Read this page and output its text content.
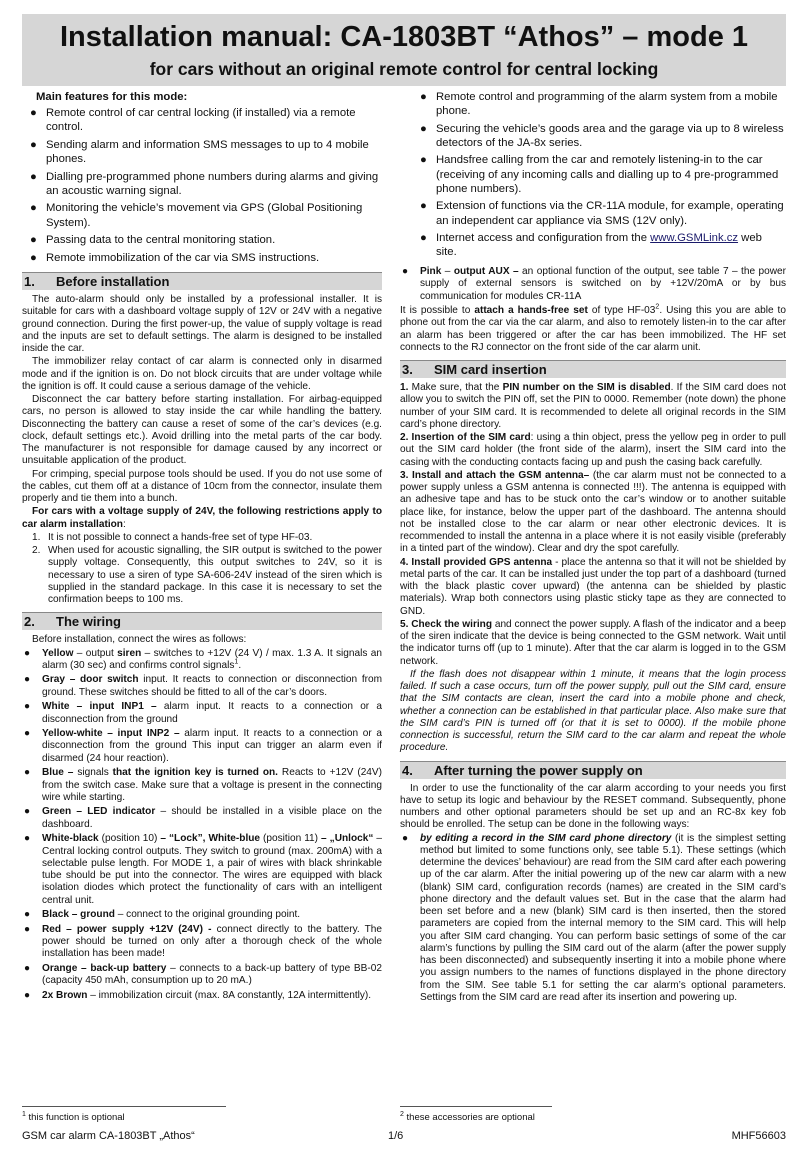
Installation manual: CA-1803BT “Athos” – mode 1
for cars without an original remote control for central locking
Main features for this mode:
● Remote control of car central locking (if installed) via a remote control.
● Sending alarm and information SMS messages to up to 4 mobile phones.
● Dialling pre-programmed phone numbers during alarms and giving an acoustic warning signal.
● Monitoring the vehicle’s movement via GPS (Global Positioning System).
● Passing data to the central monitoring station.
● Remote immobilization of the car via SMS instructions.
● Remote control and programming of the alarm system from a mobile phone.
● Securing the vehicle’s goods area and the garage via up to 8 wireless detectors of the JA-8x series.
● Handsfree calling from the car and remotely listening-in to the car (receiving of any incoming calls and dialling up to 4 pre-programmed phone numbers).
● Extension of functions via the CR-11A module, for example, operating an independent car appliance via SMS (12V only).
● Internet access and configuration from the www.GSMLink.cz web site.
1. Before installation

The auto-alarm should only be installed by a professional installer. It is suitable for cars with a dashboard voltage supply of 12V or 24V with a negative ground connection. During the first power-up, the value of supply voltage is read and the inputs are set to default settings. The alarm is designed to be installed inside the car.

The immobilizer relay contact of car alarm is connected only in disarmed mode and if the ignition is on. Do not block circuits that are under voltage while the ignition is off. It could cause a serious damage of the vehicle.

Disconnect the car battery before starting installation. For airbag-equipped cars, no person is allowed to stay inside the car while handling the battery. Disconnecting the battery can cause a reset of some of the car’s devices (e.g. clock, default settings etc.). Avoid drilling into the metal parts of the car body. The manufacturer is not responsible for damage caused by any incorrect or unsuitable application of the product.

For crimping, special purpose tools should be used. If you do not use some of the cables, cut them off at a distance of 10cm from the connector, insulate them properly and tie them into a bunch.

For cars with a voltage supply of 24V, the following restrictions apply to car alarm installation:

1. It is not possible to connect a hands-free set of type HF-03.
2. When used for acoustic signalling, the SIR output is switched to the power supply voltage. Consequently, this output switches to 24V, so it is necessary to use a siren of type SA-606-24V instead of the siren which is supplied in the standard package. In this case it is necessary to set the confirmation beeps to 100 ms.
2. The wiring

Before installation, connect the wires as follows:

● Yellow – output siren – switches to +12V (24 V) / max. 1.3 A. It signals an alarm (30 sec) and confirms control signals$^1$.
● Gray – door switch input. It reacts to connection or disconnection from ground. These switches should be fitted to all of the car’s doors.
● White – input INP1 – alarm input. It reacts to a connection or a disconnection from the ground
● Yellow-white – input INP2 – alarm input. It reacts to a connection or a disconnection from the ground This input can trigger an alarm even if disarmed (24 hour reaction).
● Blue – signals that the ignition key is turned on. Reacts to +12V (24V) from the switch case. Make sure that a voltage is present in the connecting wire while starting.
● Green – LED indicator – should be installed in a visible place on the dashboard.
● White-black (position 10) – “Lock”, White-blue (position 11) – „Unlock“ – Central locking control outputs. They switch to ground (max. 200mA) with a selectable pulse length. For MODE 1, a pair of wires with black shrinkable tube should be put into the connector. The wires are equipped with black isolation diodes which protect the functionality of cars with an intelligent central unit.
● Black – ground – connect to the original grounding point.
● Red – power supply +12V (24V) - connect directly to the battery. The power should be turned on only after a thorough check of the whole installation has been made!
● Orange – back-up battery – connects to a back-up battery of type BB-02 (capacity 450 mAh, consumption up to 20 mA.)
● 2x Brown – immobilization circuit (max. 8A constantly, 12A intermittently).
● Pink – output AUX – an optional function of the output, see table 7 – the power supply of external sensors is switched on by +12V/20mA or by bus communication for modules CR-11A

It is possible to attach a hands-free set of type $HF-03^2$. Using this you are able to phone out from the car via the car alarm, and also to remotely listen-in to the car after an alarm has been triggered or after the car has been immobilized. The HF set connects to the RJ connector on the front side of the car alarm unit.

3. SIM card insertion

1. Make sure, that the PIN number on the SIM is disabled. If the SIM card does not allow you to switch the PIN off, set the PIN to 0000. Remember (note down) the phone number of your SIM card. It is recommended to delete all original records in the SIM card’s phone directory.

2. Insertion of the SIM card: using a thin object, press the yellow peg in order to pull out the SIM card holder (the front side of the alarm), insert the SIM card into the casing with the conducting contacts facing up and push the casing back carefully.

3. Install and attach the GSM antenna– (the car alarm must not be connected to a power supply unless a GSM antenna is connected !!!). The antenna is equipped with an adhesive tape and has to be stuck onto the car’s window or to another suitable place like, for instance, below the upper part of the dashboard. The antenna should not be installed close to the car alarm or near other electronic devices. It is recommended to install the antenna in a place where it is not easily visible (preferably in a tinted part of the window). Clear and dry the spot carefully.

4. Install provided GPS antenna - place the antenna so that it will not be shielded by metal parts of the car. It can be installed just under the top part of a dashboard (turned with the black plastic cover upward) (the antenna can be shielded by plastic materials). Wrap both connectors using plastic sticky tape as they are connected to GND.

5. Check the wiring and connect the power supply. A flash of the indicator and a beep of the siren indicate that the device is being connected to the GSM network. Wait until the indicator turns off (up to 1 minute). After that the car alarm is logged in to the GSM network.

If the flash does not disappear within 1 minute, it means that the login process failed. If such a case occurs, turn off the power supply, pull out the SIM card, ensure that the SIM contacts are clean, insert the card into a mobile phone and check, whether a connection can be established in that particular place. Also make sure that the SIM card’s PIN is turned off (or that it is set to 0000). If the mobile phone connection is successful, return the SIM card to the car alarm and repeat the whole procedure.

4. After turning the power supply on

In order to use the functionality of the car alarm according to your needs you first have to setup its logic and behaviour by the RESET command. Subsequently, phone numbers and other optional parameters should be set up and an RC-8x key fob should be enrolled. The setup can be done in the following ways:

● by editing a record in the SIM card phone directory (it is the simplest setting method but limited to some functions only, see table 5.1). These settings (which determine the devices’ behaviour) are read from the SIM card after each powering up of the car alarm. After the initial powering up of the new car alarm with a new (blank) SIM card, configuration records (names) are created in the SIM card’s phone directory and the default values set. But in the case that the alarm had been set before and a new (blank) SIM card is then inserted, then the stored parameters are copied from the internal memory to the SIM card. This will help you after SIM card changing. You can perform basic settings of some of the car alarm’s functions by pulling the SIM card out of the alarm (after the power supply has been disconnected) and subsequently inserting it into a mobile phone where you assign numbers to the names of functions displayed in the phone directory from the SIM. See table 5.1 for setting the car alarm’s optional parameters. Settings from the SIM card are read after its insertion and powering up.
$^1$ this function is optional	$^2$ these accessories are optional
GSM car alarm CA-1803BT „Athos“	1/6	MHF56603
